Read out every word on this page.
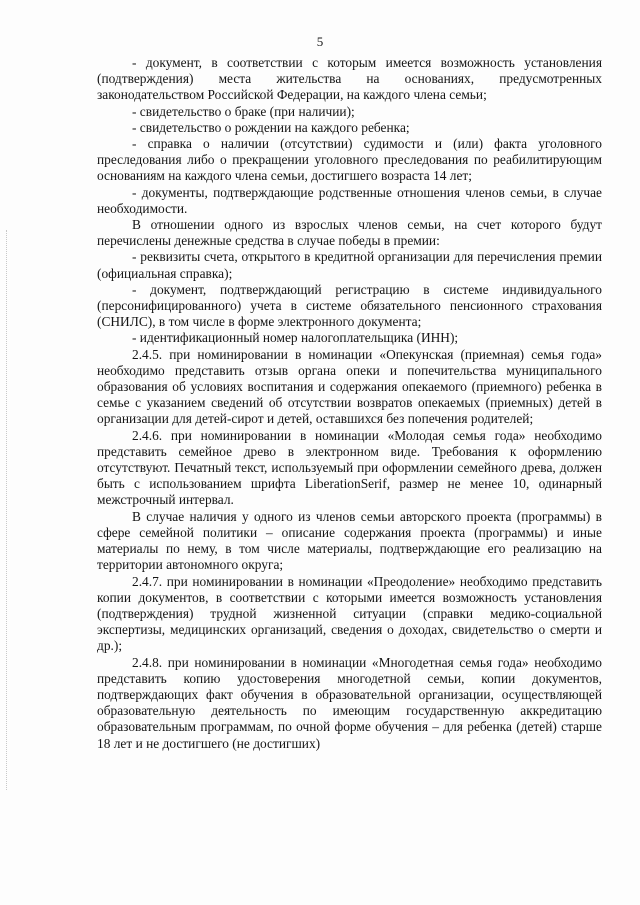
5

- документ, в соответствии с которым имеется возможность установления (подтверждения) места жительства на основаниях, предусмотренных законодательством Российской Федерации, на каждого члена семьи;

- свидетельство о браке (при наличии);

- свидетельство о рождении на каждого ребенка;

- справка о наличии (отсутствии) судимости и (или) факта уголовного преследования либо о прекращении уголовного преследования по реабилитирующим основаниям на каждого члена семьи, достигшего возраста 14 лет;

- документы, подтверждающие родственные отношения членов семьи, в случае необходимости.

В отношении одного из взрослых членов семьи, на счет которого будут перечислены денежные средства в случае победы в премии:

- реквизиты счета, открытого в кредитной организации для перечисления премии (официальная справка);

- документ, подтверждающий регистрацию в системе индивидуального (персонифицированного) учета в системе обязательного пенсионного страхования (СНИЛС), в том числе в форме электронного документа;

- идентификационный номер налогоплательщика (ИНН);

2.4.5. при номинировании в номинации «Опекунская (приемная) семья года» необходимо представить отзыв органа опеки и попечительства муниципального образования об условиях воспитания и содержания опекаемого (приемного) ребенка в семье с указанием сведений об отсутствии возвратов опекаемых (приемных) детей в организации для детей-сирот и детей, оставшихся без попечения родителей;

2.4.6. при номинировании в номинации «Молодая семья года» необходимо представить семейное древо в электронном виде. Требования к оформлению отсутствуют. Печатный текст, используемый при оформлении семейного древа, должен быть с использованием шрифта LiberationSerif, размер не менее 10, одинарный межстрочный интервал.

В случае наличия у одного из членов семьи авторского проекта (программы) в сфере семейной политики – описание содержания проекта (программы) и иные материалы по нему, в том числе материалы, подтверждающие его реализацию на территории автономного округа;

2.4.7. при номинировании в номинации «Преодоление» необходимо представить копии документов, в соответствии с которыми имеется возможность установления (подтверждения) трудной жизненной ситуации (справки медико-социальной экспертизы, медицинских организаций, сведения о доходах, свидетельство о смерти и др.);

2.4.8. при номинировании в номинации «Многодетная семья года» необходимо представить копию удостоверения многодетной семьи, копии документов, подтверждающих факт обучения в образовательной организации, осуществляющей образовательную деятельность по имеющим государственную аккредитацию образовательным программам, по очной форме обучения – для ребенка (детей) старше 18 лет и не достигшего (не достигших)
